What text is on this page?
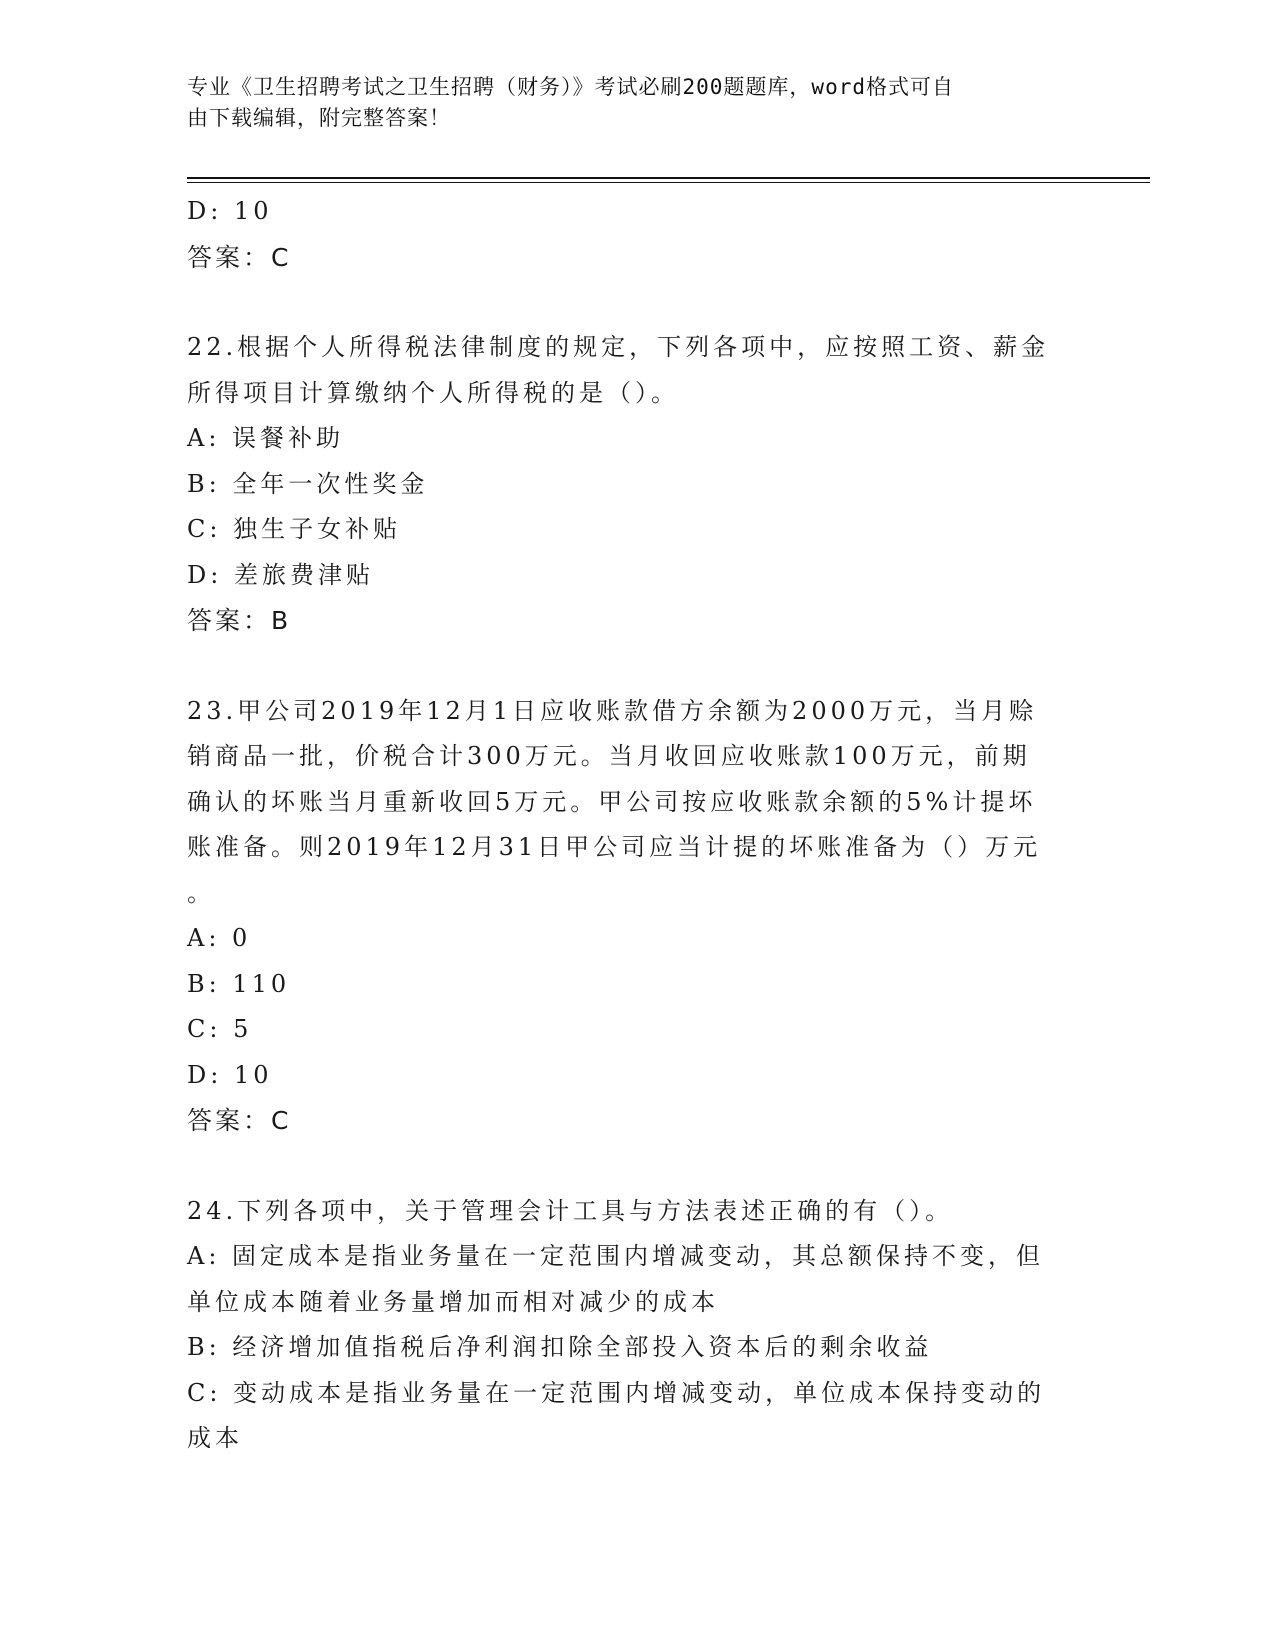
专业《卫生招聘考试之卫生招聘（财务）》考试必刷200题题库，word格式可自
由下载编辑，附完整答案！
D: 10
答案：C
22.根据个人所得税法律制度的规定，下列各项中，应按照工资、薪金
所得项目计算缴纳个人所得税的是（）。
A: 误餐补助
B: 全年一次性奖金
C: 独生子女补贴
D: 差旅费津贴
答案：B
23.甲公司2019年12月1日应收账款借方余额为2000万元，当月赊
销商品一批，价税合计300万元。当月收回应收账款100万元，前期
确认的坏账当月重新收回5万元。甲公司按应收账款余额的5%计提坏
账准备。则2019年12月31日甲公司应当计提的坏账准备为（）万元
。
A: 0
B: 110
C: 5
D: 10
答案：C
24.下列各项中，关于管理会计工具与方法表述正确的有（）。
A: 固定成本是指业务量在一定范围内增减变动，其总额保持不变，但
单位成本随着业务量增加而相对减少的成本
B: 经济增加值指税后净利润扣除全部投入资本后的剩余收益
C: 变动成本是指业务量在一定范围内增减变动，单位成本保持变动的
成本
